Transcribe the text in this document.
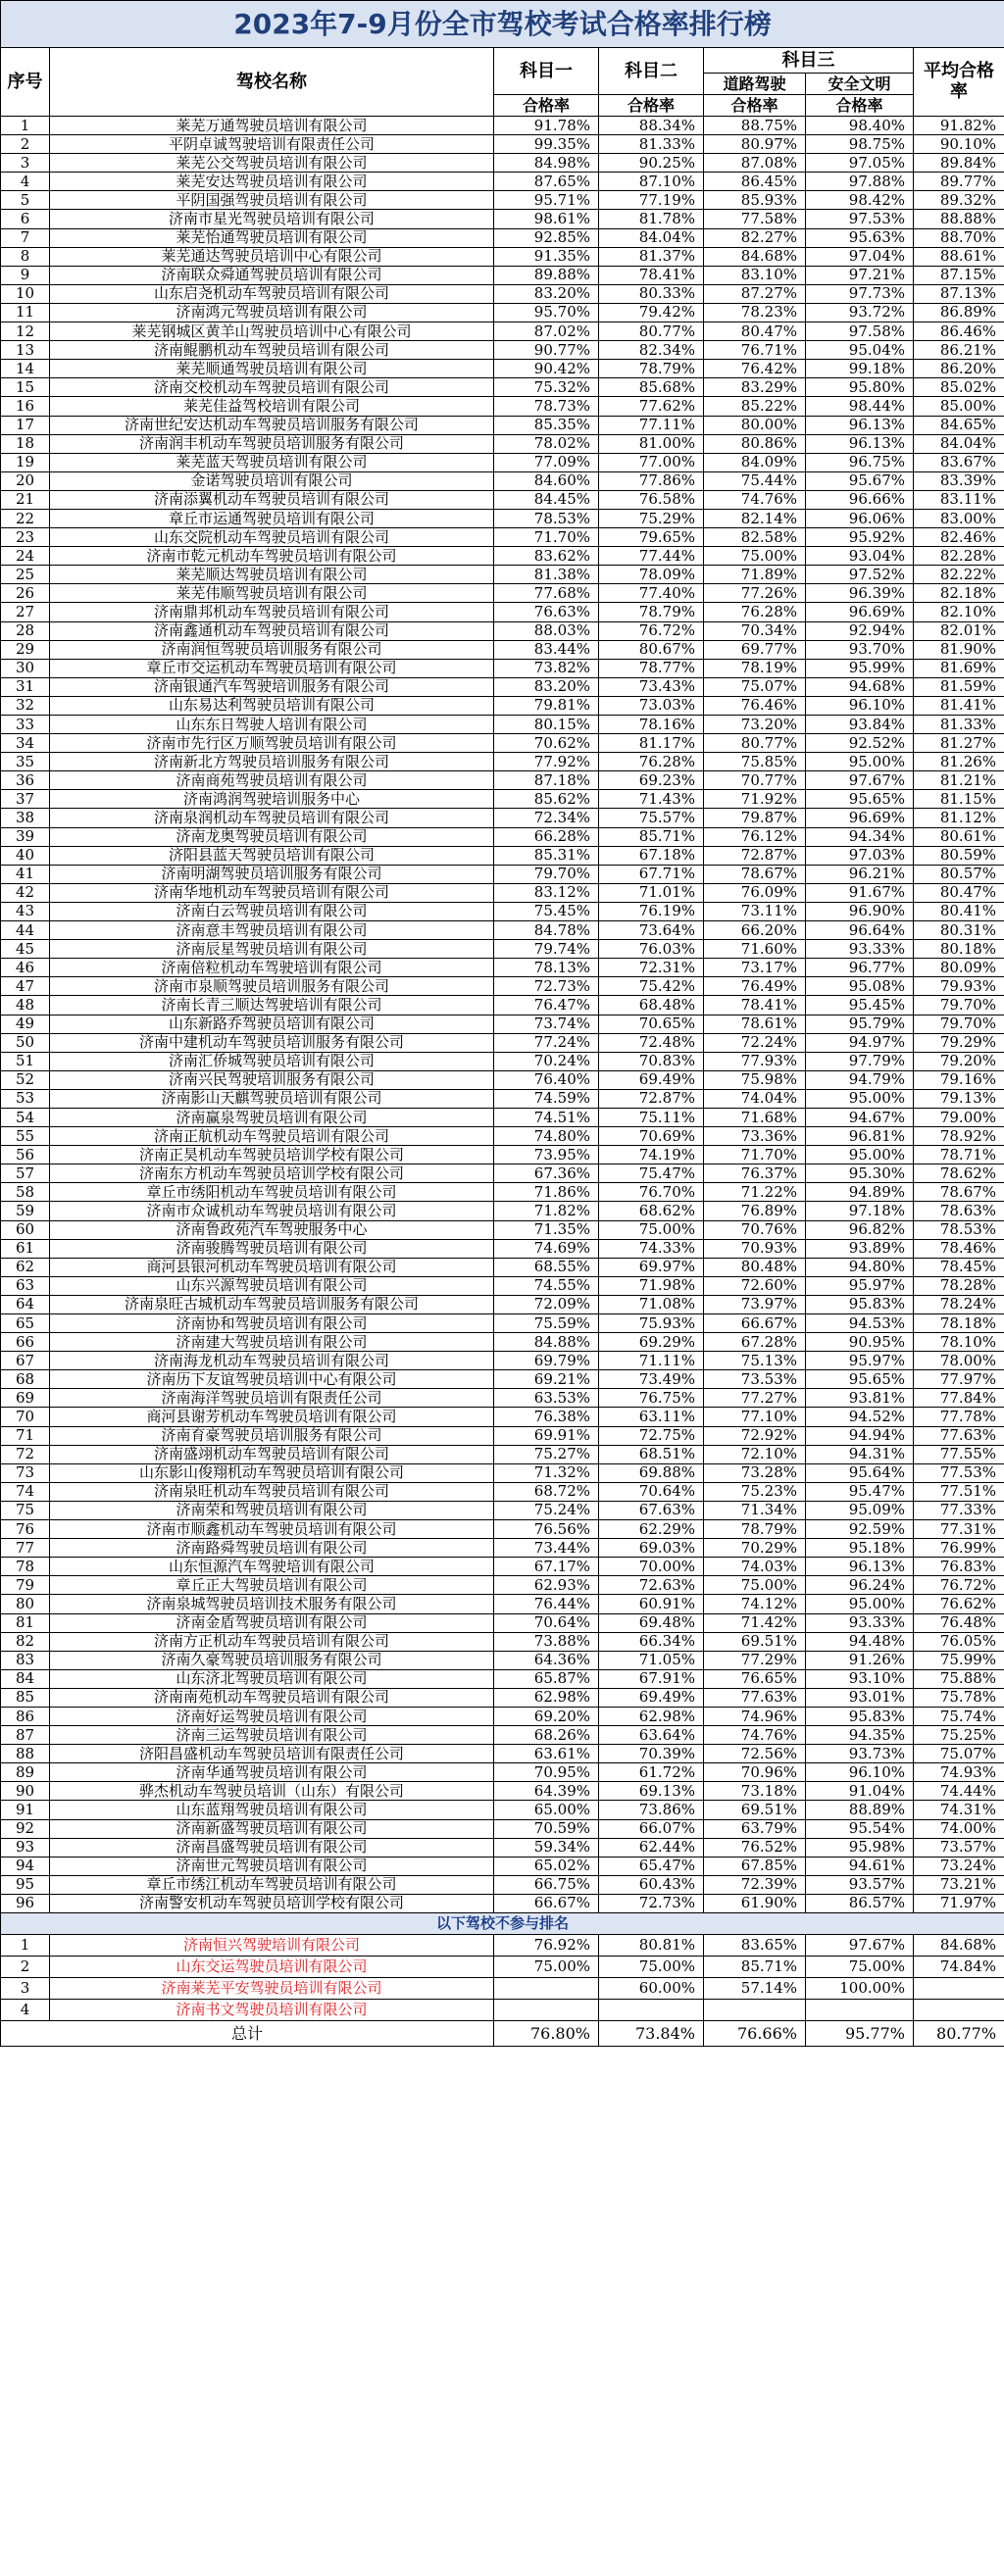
2023年7-9月份全市驾校考试合格率排行榜						
序号	驾校名称	科目一	科目二	科目三		平均合格率
				道路驾驶	安全文明	
		合格率	合格率	合格率	合格率	
1	莱芜万通驾驶员培训有限公司	91.78%	88.34%	88.75%	98.40%	91.82%
2	平阴卓诚驾驶培训有限责任公司	99.35%	81.33%	80.97%	98.75%	90.10%
3	莱芜公交驾驶员培训有限公司	84.98%	90.25%	87.08%	97.05%	89.84%
4	莱芜安达驾驶员培训有限公司	87.65%	87.10%	86.45%	97.88%	89.77%
5	平阴国强驾驶员培训有限公司	95.71%	77.19%	85.93%	98.42%	89.32%
6	济南市星光驾驶员培训有限公司	98.61%	81.78%	77.58%	97.53%	88.88%
7	莱芜怡通驾驶员培训有限公司	92.85%	84.04%	82.27%	95.63%	88.70%
8	莱芜通达驾驶员培训中心有限公司	91.35%	81.37%	84.68%	97.04%	88.61%
9	济南联众舜通驾驶员培训有限公司	89.88%	78.41%	83.10%	97.21%	87.15%
10	山东启尧机动车驾驶员培训有限公司	83.20%	80.33%	87.27%	97.73%	87.13%
11	济南鸿元驾驶员培训有限公司	95.70%	79.42%	78.23%	93.72%	86.89%
12	莱芜钢城区黄羊山驾驶员培训中心有限公司	87.02%	80.77%	80.47%	97.58%	86.46%
13	济南鲲鹏机动车驾驶员培训有限公司	90.77%	82.34%	76.71%	95.04%	86.21%
14	莱芜顺通驾驶员培训有限公司	90.42%	78.79%	76.42%	99.18%	86.20%
15	济南交校机动车驾驶员培训有限公司	75.32%	85.68%	83.29%	95.80%	85.02%
16	莱芜佳益驾校培训有限公司	78.73%	77.62%	85.22%	98.44%	85.00%
17	济南世纪安达机动车驾驶员培训服务有限公司	85.35%	77.11%	80.00%	96.13%	84.65%
18	济南润丰机动车驾驶员培训服务有限公司	78.02%	81.00%	80.86%	96.13%	84.04%
19	莱芜蓝天驾驶员培训有限公司	77.09%	77.00%	84.09%	96.75%	83.67%
20	金诺驾驶员培训有限公司	84.60%	77.86%	75.44%	95.67%	83.39%
21	济南添翼机动车驾驶员培训有限公司	84.45%	76.58%	74.76%	96.66%	83.11%
22	章丘市运通驾驶员培训有限公司	78.53%	75.29%	82.14%	96.06%	83.00%
23	山东交院机动车驾驶员培训有限公司	71.70%	79.65%	82.58%	95.92%	82.46%
24	济南市乾元机动车驾驶员培训有限公司	83.62%	77.44%	75.00%	93.04%	82.28%
25	莱芜顺达驾驶员培训有限公司	81.38%	78.09%	71.89%	97.52%	82.22%
26	莱芜伟顺驾驶员培训有限公司	77.68%	77.40%	77.26%	96.39%	82.18%
27	济南鼎邦机动车驾驶员培训有限公司	76.63%	78.79%	76.28%	96.69%	82.10%
28	济南鑫通机动车驾驶员培训有限公司	88.03%	76.72%	70.34%	92.94%	82.01%
29	济南润恒驾驶员培训服务有限公司	83.44%	80.67%	69.77%	93.70%	81.90%
30	章丘市交运机动车驾驶员培训有限公司	73.82%	78.77%	78.19%	95.99%	81.69%
31	济南银通汽车驾驶培训服务有限公司	83.20%	73.43%	75.07%	94.68%	81.59%
32	山东易达利驾驶员培训有限公司	79.81%	73.03%	76.46%	96.10%	81.41%
33	山东东日驾驶人培训有限公司	80.15%	78.16%	73.20%	93.84%	81.33%
34	济南市先行区万顺驾驶员培训有限公司	70.62%	81.17%	80.77%	92.52%	81.27%
35	济南新北方驾驶员培训服务有限公司	77.92%	76.28%	75.85%	95.00%	81.26%
36	济南商苑驾驶员培训有限公司	87.18%	69.23%	70.77%	97.67%	81.21%
37	济南鸿润驾驶培训服务中心	85.62%	71.43%	71.92%	95.65%	81.15%
38	济南泉润机动车驾驶员培训有限公司	72.34%	75.57%	79.87%	96.69%	81.12%
39	济南龙奥驾驶员培训有限公司	66.28%	85.71%	76.12%	94.34%	80.61%
40	济阳县蓝天驾驶员培训有限公司	85.31%	67.18%	72.87%	97.03%	80.59%
41	济南明湖驾驶员培训服务有限公司	79.70%	67.71%	78.67%	96.21%	80.57%
42	济南华地机动车驾驶员培训有限公司	83.12%	71.01%	76.09%	91.67%	80.47%
43	济南白云驾驶员培训有限公司	75.45%	76.19%	73.11%	96.90%	80.41%
44	济南意丰驾驶员培训有限公司	84.78%	73.64%	66.20%	96.64%	80.31%
45	济南辰星驾驶员培训有限公司	79.74%	76.03%	71.60%	93.33%	80.18%
46	济南倍粒机动车驾驶培训有限公司	78.13%	72.31%	73.17%	96.77%	80.09%
47	济南市泉顺驾驶员培训服务有限公司	72.73%	75.42%	76.49%	95.08%	79.93%
48	济南长青三顺达驾驶培训有限公司	76.47%	68.48%	78.41%	95.45%	79.70%
49	山东新路乔驾驶员培训有限公司	73.74%	70.65%	78.61%	95.79%	79.70%
50	济南中建机动车驾驶员培训服务有限公司	77.24%	72.48%	72.24%	94.97%	79.29%
51	济南汇侨城驾驶员培训有限公司	70.24%	70.83%	77.93%	97.79%	79.20%
52	济南兴民驾驶培训服务有限公司	76.40%	69.49%	75.98%	94.79%	79.16%
53	济南影山天麒驾驶员培训有限公司	74.59%	72.87%	74.04%	95.00%	79.13%
54	济南赢泉驾驶员培训有限公司	74.51%	75.11%	71.68%	94.67%	79.00%
55	济南正航机动车驾驶员培训有限公司	74.80%	70.69%	73.36%	96.81%	78.92%
56	济南正昊机动车驾驶员培训学校有限公司	73.95%	74.19%	71.70%	95.00%	78.71%
57	济南东方机动车驾驶员培训学校有限公司	67.36%	75.47%	76.37%	95.30%	78.62%
58	章丘市绣阳机动车驾驶员培训有限公司	71.86%	76.70%	71.22%	94.89%	78.67%
59	济南市众诚机动车驾驶员培训有限公司	71.82%	68.62%	76.89%	97.18%	78.63%
60	济南鲁政苑汽车驾驶服务中心	71.35%	75.00%	70.76%	96.82%	78.53%
61	济南骏腾驾驶员培训有限公司	74.69%	74.33%	70.93%	93.89%	78.46%
62	商河县银河机动车驾驶员培训有限公司	68.55%	69.97%	80.48%	94.80%	78.45%
63	山东兴源驾驶员培训有限公司	74.55%	71.98%	72.60%	95.97%	78.28%
64	济南泉旺古城机动车驾驶员培训服务有限公司	72.09%	71.08%	73.97%	95.83%	78.24%
65	济南协和驾驶员培训有限公司	75.59%	75.93%	66.67%	94.53%	78.18%
66	济南建大驾驶员培训有限公司	84.88%	69.29%	67.28%	90.95%	78.10%
67	济南海龙机动车驾驶员培训有限公司	69.79%	71.11%	75.13%	95.97%	78.00%
68	济南历下友谊驾驶员培训中心有限公司	69.21%	73.49%	73.53%	95.65%	77.97%
69	济南海洋驾驶员培训有限责任公司	63.53%	76.75%	77.27%	93.81%	77.84%
70	商河县谢芳机动车驾驶员培训有限公司	76.38%	63.11%	77.10%	94.52%	77.78%
71	济南育豪驾驶员培训服务有限公司	69.91%	72.75%	72.92%	94.94%	77.63%
72	济南盛翊机动车驾驶员培训有限公司	75.27%	68.51%	72.10%	94.31%	77.55%
73	山东影山俊翔机动车驾驶员培训有限公司	71.32%	69.88%	73.28%	95.64%	77.53%
74	济南泉旺机动车驾驶员培训有限公司	68.72%	70.64%	75.23%	95.47%	77.51%
75	济南荣和驾驶员培训有限公司	75.24%	67.63%	71.34%	95.09%	77.33%
76	济南市顺鑫机动车驾驶员培训有限公司	76.56%	62.29%	78.79%	92.59%	77.31%
77	济南路舜驾驶员培训有限公司	73.44%	69.03%	70.29%	95.18%	76.99%
78	山东恒源汽车驾驶培训有限公司	67.17%	70.00%	74.03%	96.13%	76.83%
79	章丘正大驾驶员培训有限公司	62.93%	72.63%	75.00%	96.24%	76.72%
80	济南泉城驾驶员培训技术服务有限公司	76.44%	60.91%	74.12%	95.00%	76.62%
81	济南金盾驾驶员培训有限公司	70.64%	69.48%	71.42%	93.33%	76.48%
82	济南方正机动车驾驶员培训有限公司	73.88%	66.34%	69.51%	94.48%	76.05%
83	济南久豪驾驶员培训服务有限公司	64.36%	71.05%	77.29%	91.26%	75.99%
84	山东济北驾驶员培训有限公司	65.87%	67.91%	76.65%	93.10%	75.88%
85	济南南苑机动车驾驶员培训有限公司	62.98%	69.49%	77.63%	93.01%	75.78%
86	济南好运驾驶员培训有限公司	69.20%	62.98%	74.96%	95.83%	75.74%
87	济南三运驾驶员培训有限公司	68.26%	63.64%	74.76%	94.35%	75.25%
88	济阳昌盛机动车驾驶员培训有限责任公司	63.61%	70.39%	72.56%	93.73%	75.07%
89	济南华通驾驶员培训有限公司	70.95%	61.72%	70.96%	96.10%	74.93%
90	骅杰机动车驾驶员培训（山东）有限公司	64.39%	69.13%	73.18%	91.04%	74.44%
91	山东蓝翔驾驶员培训有限公司	65.00%	73.86%	69.51%	88.89%	74.31%
92	济南新盛驾驶员培训有限公司	70.59%	66.07%	63.79%	95.54%	74.00%
93	济南昌盛驾驶员培训有限公司	59.34%	62.44%	76.52%	95.98%	73.57%
94	济南世元驾驶员培训有限公司	65.02%	65.47%	67.85%	94.61%	73.24%
95	章丘市绣江机动车驾驶员培训有限公司	66.75%	60.43%	72.39%	93.57%	73.21%
96	济南警安机动车驾驶员培训学校有限公司	66.67%	72.73%	61.90%	86.57%	71.97%
以下驾校不参与排名						
1	济南恒兴驾驶培训有限公司	76.92%	80.81%	83.65%	97.67%	84.68%
2	山东交运驾驶员培训有限公司	75.00%	75.00%	85.71%	75.00%	74.84%
3	济南莱芜平安驾驶员培训有限公司		60.00%	57.14%	100.00%	
4	济南书文驾驶员培训有限公司					
总计		76.80%	73.84%	76.66%	95.77%	80.77%
